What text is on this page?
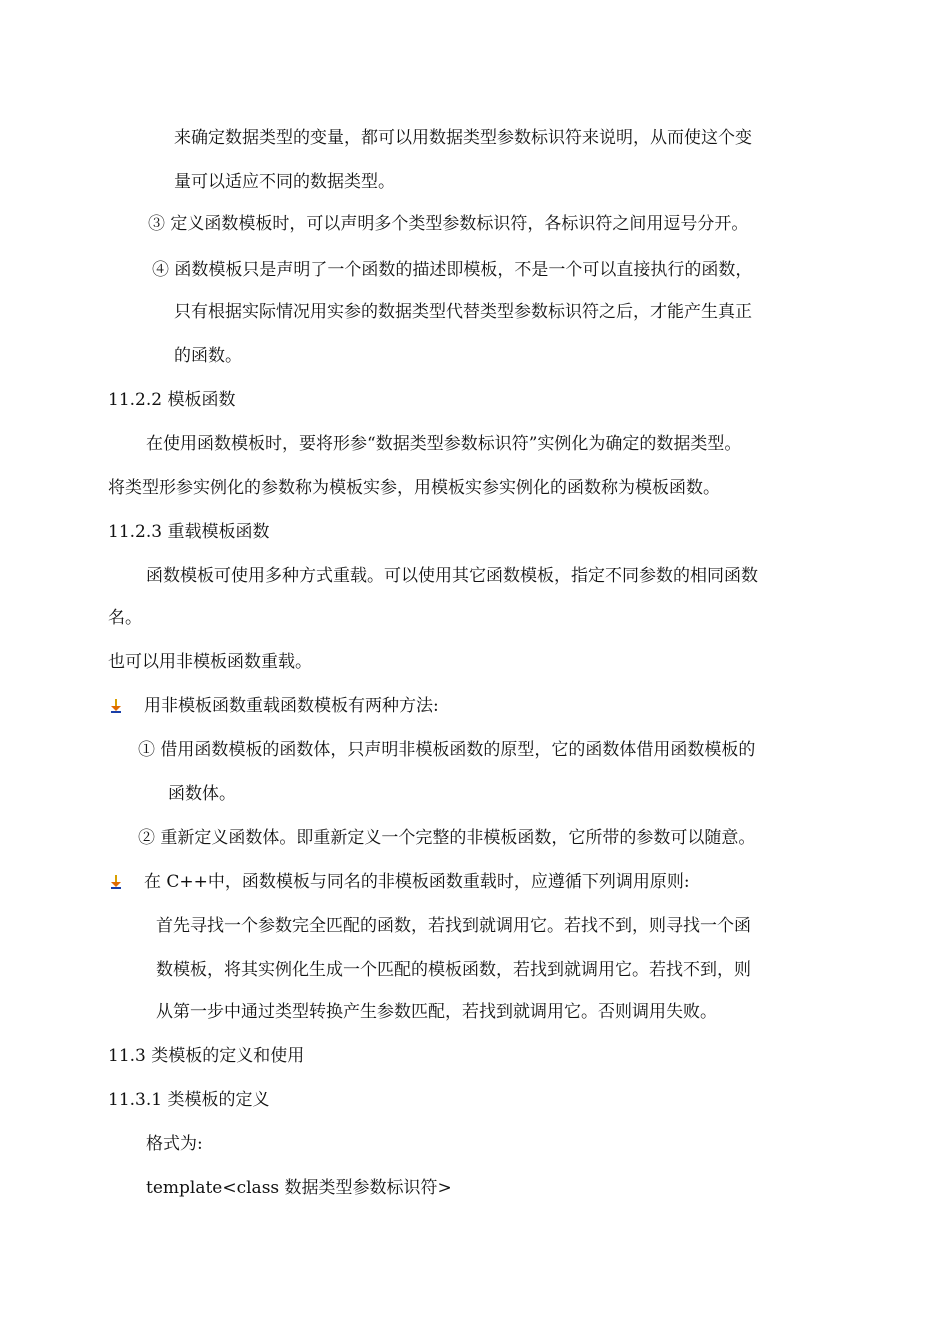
来确定数据类型的变量，都可以用数据类型参数标识符来说明，从而使这个变
量可以适应不同的数据类型。
③ 定义函数模板时，可以声明多个类型参数标识符，各标识符之间用逗号分开。
④ 函数模板只是声明了一个函数的描述即模板，不是一个可以直接执行的函数，
只有根据实际情况用实参的数据类型代替类型参数标识符之后，才能产生真正
的函数。
11.2.2 模板函数
在使用函数模板时，要将形参“数据类型参数标识符”实例化为确定的数据类型。
将类型形参实例化的参数称为模板实参，用模板实参实例化的函数称为模板函数。
11.2.3 重载模板函数
函数模板可使用多种方式重载。可以使用其它函数模板，指定不同参数的相同函数
名。
也可以用非模板函数重载。
用非模板函数重载函数模板有两种方法:
① 借用函数模板的函数体，只声明非模板函数的原型，它的函数体借用函数模板的
函数体。
② 重新定义函数体。即重新定义一个完整的非模板函数，它所带的参数可以随意。
在 C++中，函数模板与同名的非模板函数重载时，应遵循下列调用原则:
首先寻找一个参数完全匹配的函数，若找到就调用它。若找不到，则寻找一个函
数模板，将其实例化生成一个匹配的模板函数，若找到就调用它。若找不到，则
从第一步中通过类型转换产生参数匹配，若找到就调用它。否则调用失败。
11.3 类模板的定义和使用
11.3.1 类模板的定义
格式为:
template<class 数据类型参数标识符>
